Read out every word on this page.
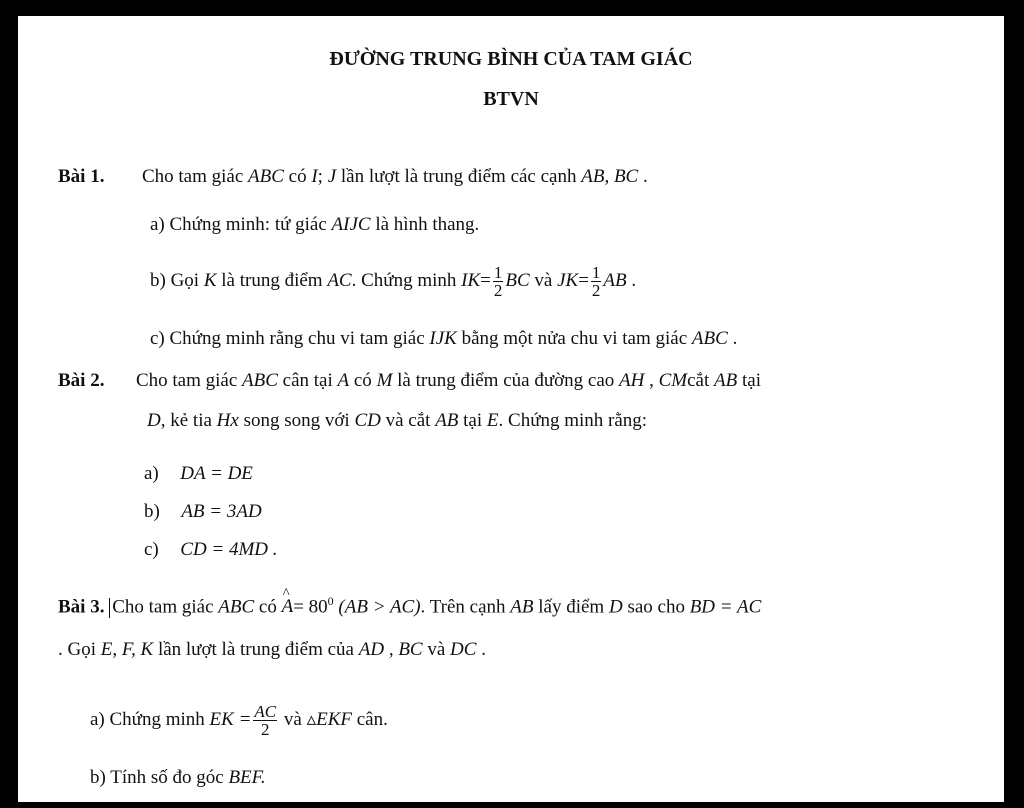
ĐƯỜNG TRUNG BÌNH CỦA TAM GIÁC
BTVN
Bài 1. Cho tam giác ABC có I; J lần lượt là trung điểm các cạnh AB, BC .
a) Chứng minh: tứ giác AIJC là hình thang.
b) Gọi K là trung điểm AC. Chứng minh $IK= \frac{1}{2}$ BC và $JK= \frac{1}{2}$ AB .
c) Chứng minh rằng chu vi tam giác IJK bằng một nửa chu vi tam giác ABC .
Bài 2. Cho tam giác ABC cân tại A có M là trung điểm của đường cao AH , CMcắt AB tại
D, kẻ tia Hx song song với CD và cắt AB tại E. Chứng minh rằng:
a) DA = DE
b) AB = 3AD
c) CD = 4MD .
Bài 3. Cho tam giác ABC có ^ $A= 80^0$ (AB > AC). Trên cạnh AB lấy điểm D sao cho BD = AC
. Gọi E, F, K lần lượt là trung điểm của AD , BC và DC .
a) Chứng minh EK = $\frac{AC}{2}$ và ▵EKF cân.
b) Tính số đo góc BEF.
